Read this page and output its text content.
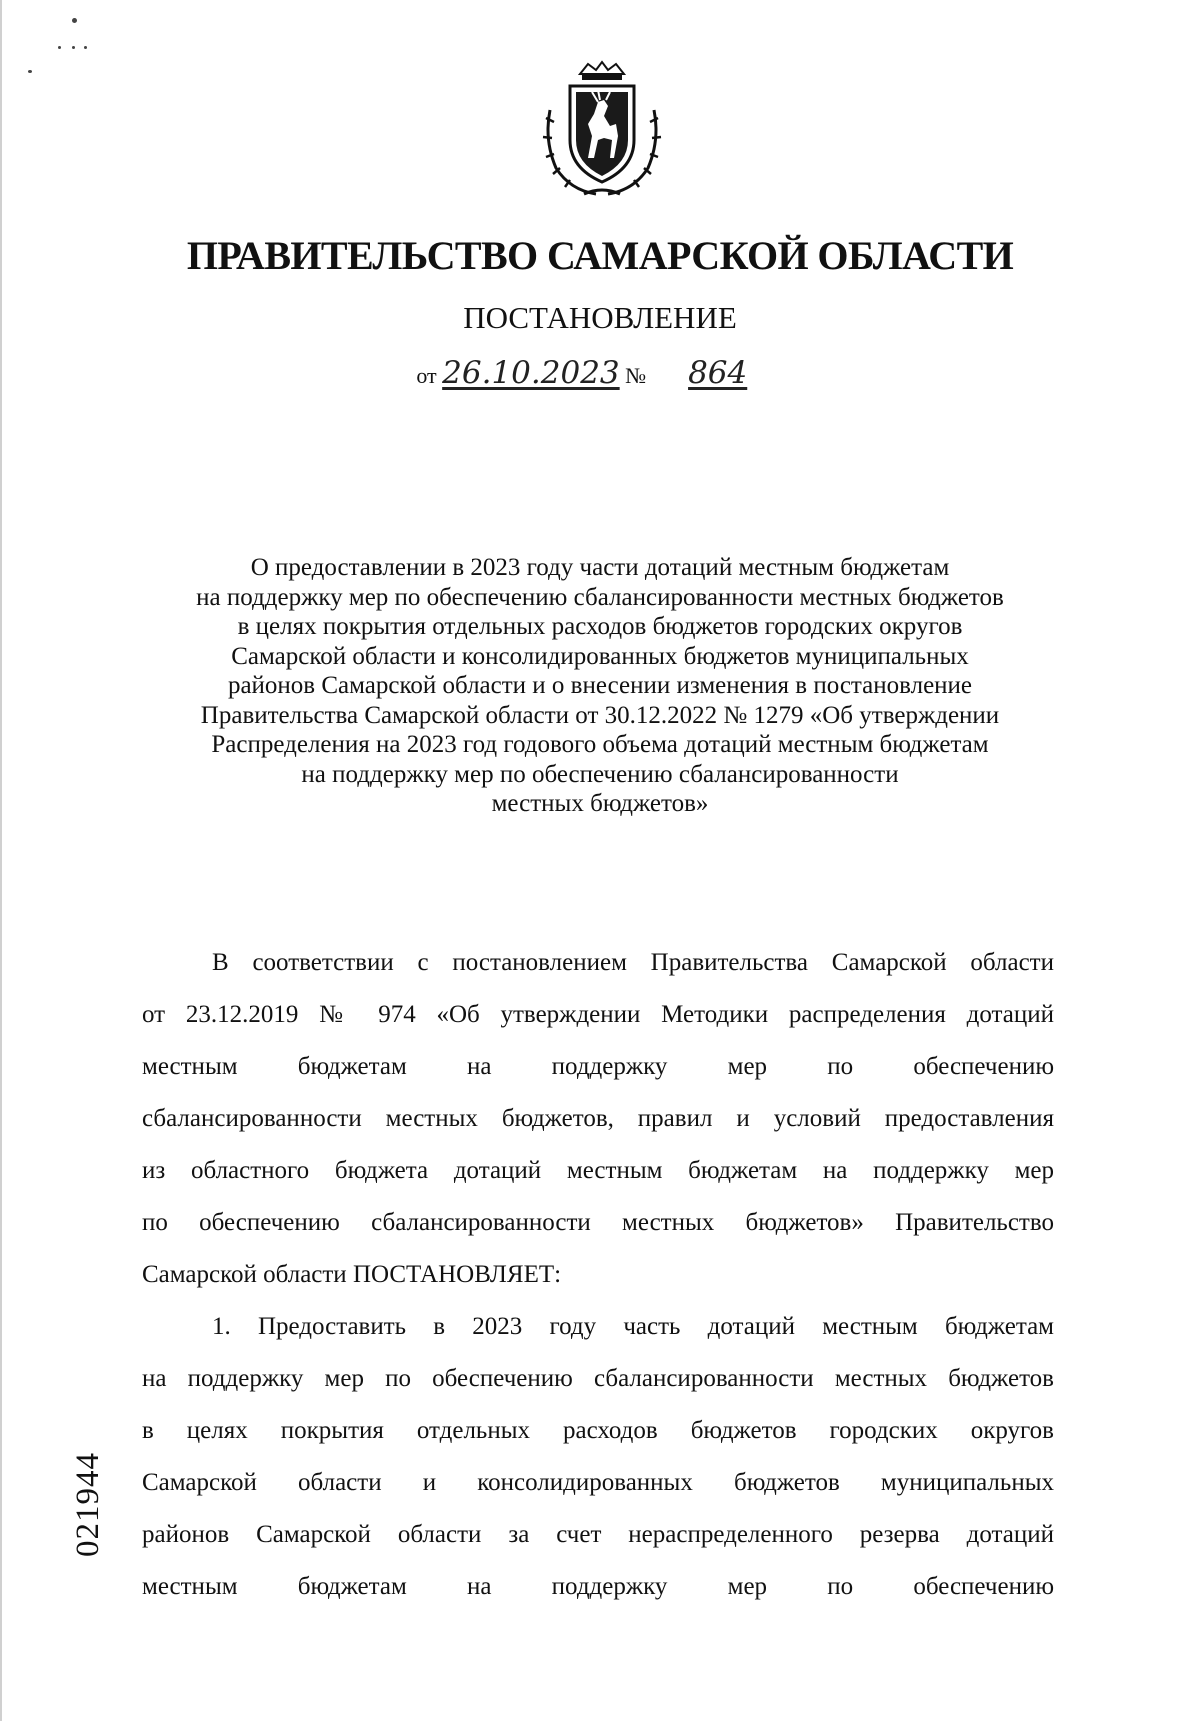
ПРАВИТЕЛЬСТВО САМАРСКОЙ ОБЛАСТИ
ПОСТАНОВЛЕНИЕ
от 26.10.2023 № 864
О предоставлении в 2023 году части дотаций местным бюджетам
на поддержку мер по обеспечению сбалансированности местных бюджетов
в целях покрытия отдельных расходов бюджетов городских округов
Самарской области и консолидированных бюджетов муниципальных
районов Самарской области и о внесении изменения в постановление
Правительства Самарской области от 30.12.2022 № 1279 «Об утверждении
Распределения на 2023 год годового объема дотаций местным бюджетам
на поддержку мер по обеспечению сбалансированности
местных бюджетов»
В соответствии с постановлением Правительства Самарской области
от 23.12.2019 № 974 «Об утверждении Методики распределения дотаций
местным бюджетам на поддержку мер по обеспечению
сбалансированности местных бюджетов, правил и условий предоставления
из областного бюджета дотаций местным бюджетам на поддержку мер
по обеспечению сбалансированности местных бюджетов» Правительство
Самарской области ПОСТАНОВЛЯЕТ:
1. Предоставить в 2023 году часть дотаций местным бюджетам
на поддержку мер по обеспечению сбалансированности местных бюджетов
в целях покрытия отдельных расходов бюджетов городских округов
Самарской области и консолидированных бюджетов муниципальных
районов Самарской области за счет нераспределенного резерва дотаций
местным бюджетам на поддержку мер по обеспечению
021944
